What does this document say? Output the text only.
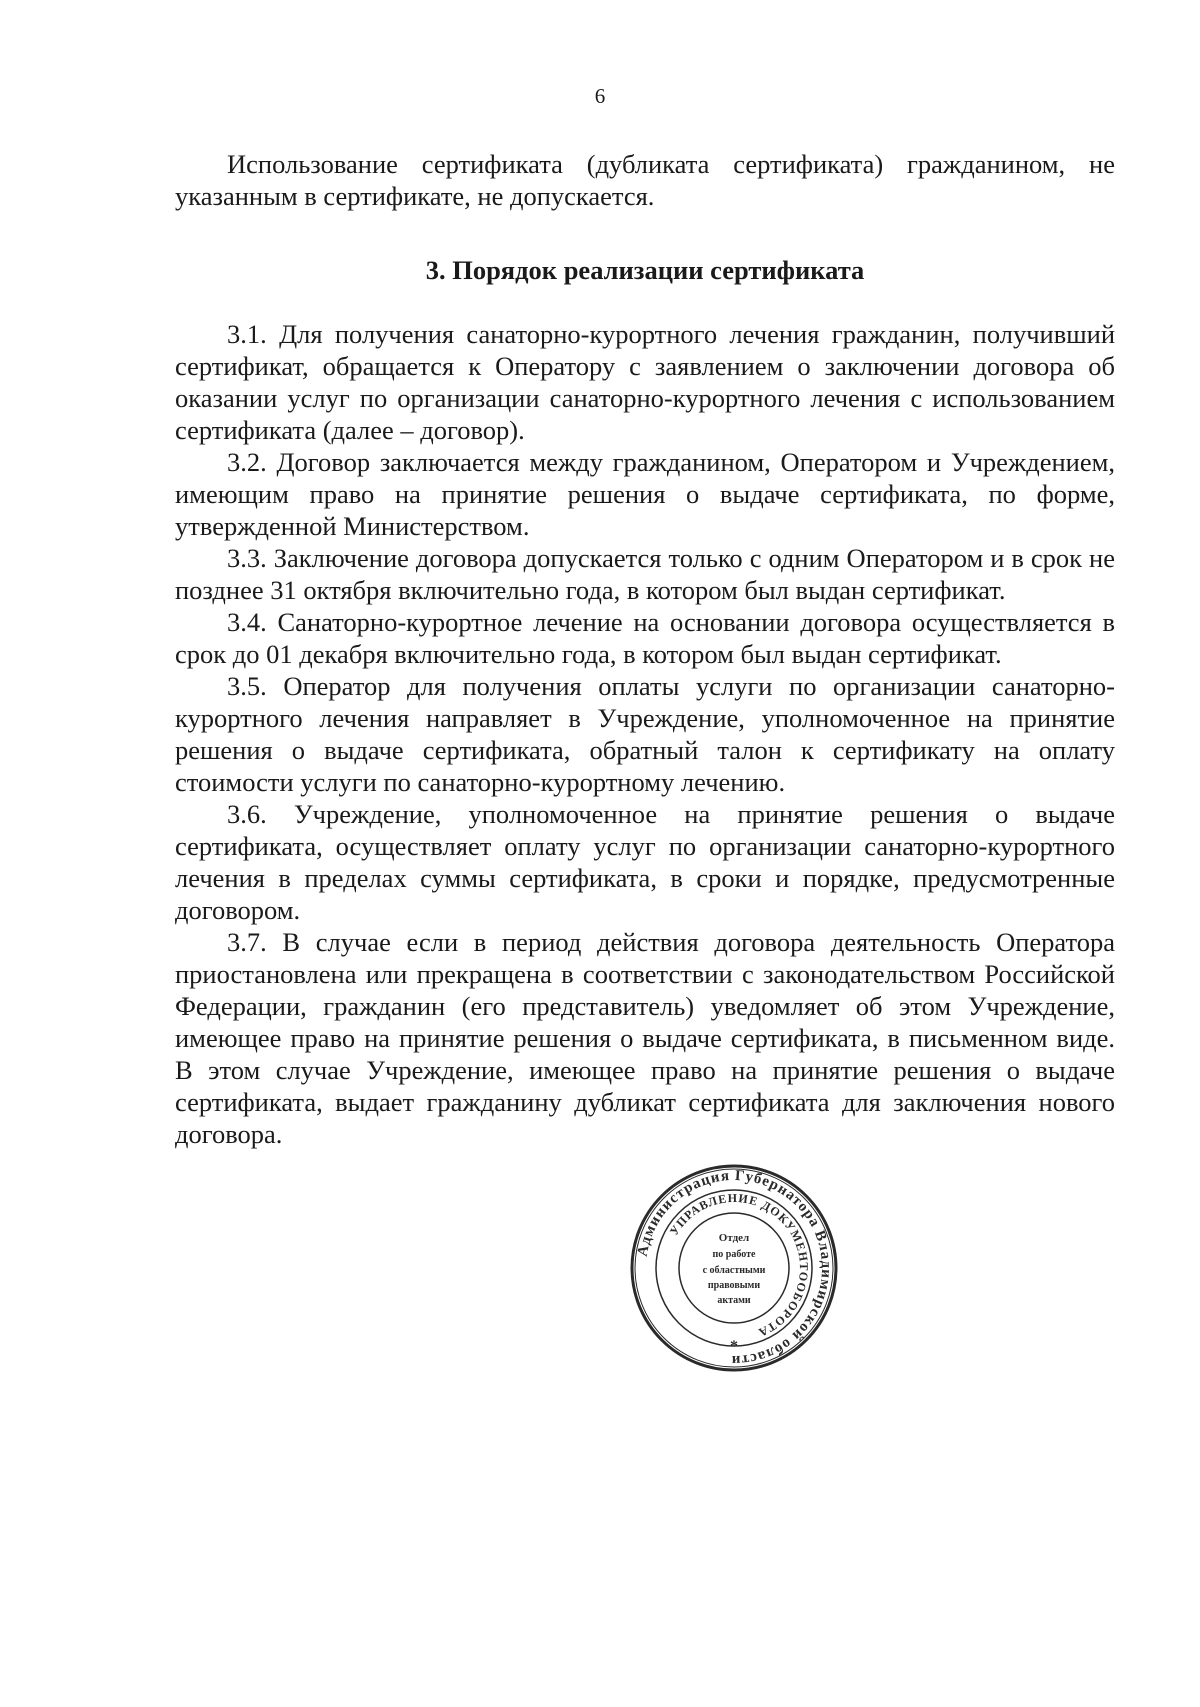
6

Использование сертификата (дубликата сертификата) гражданином, не указанным в сертификате, не допускается.

3. Порядок реализации сертификата

3.1. Для получения санаторно-курортного лечения гражданин, получивший сертификат, обращается к Оператору с заявлением о заключении договора об оказании услуг по организации санаторно-курортного лечения с использованием сертификата (далее – договор).

3.2. Договор заключается между гражданином, Оператором и Учреждением, имеющим право на принятие решения о выдаче сертификата, по форме, утвержденной Министерством.

3.3. Заключение договора допускается только с одним Оператором и в срок не позднее 31 октября включительно года, в котором был выдан сертификат.

3.4. Санаторно-курортное лечение на основании договора осуществляется в срок до 01 декабря включительно года, в котором был выдан сертификат.

3.5. Оператор для получения оплаты услуги по организации санаторно-курортного лечения направляет в Учреждение, уполномоченное на принятие решения о выдаче сертификата, обратный талон к сертификату на оплату стоимости услуги по санаторно-курортному лечению.

3.6. Учреждение, уполномоченное на принятие решения о выдаче сертификата, осуществляет оплату услуг по организации санаторно-курортного лечения в пределах суммы сертификата, в сроки и порядке, предусмотренные договором.

3.7. В случае если в период действия договора деятельность Оператора приостановлена или прекращена в соответствии с законодательством Российской Федерации, гражданин (его представитель) уведомляет об этом Учреждение, имеющее право на принятие решения о выдаче сертификата, в письменном виде. В этом случае Учреждение, имеющее право на принятие решения о выдаче сертификата, выдает гражданину дубликат сертификата для заключения нового договора.

Администрация Губернатора Владимирской области
УПРАВЛЕНИЕ ДОКУМЕНТООБОРОТА
Отдел
по работе
с областными
правовыми
актами
*
